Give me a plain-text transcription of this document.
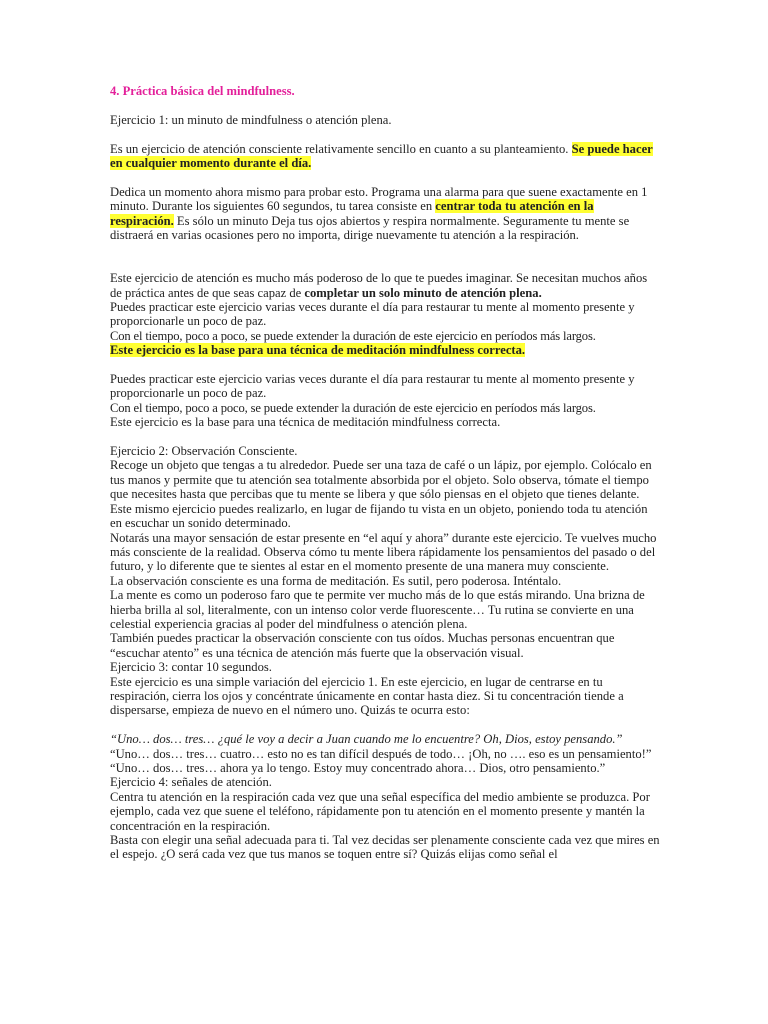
4. Práctica básica del mindfulness.

Ejercicio 1: un minuto de mindfulness o atención plena.

Es un ejercicio de atención consciente relativamente sencillo en cuanto a su planteamiento. Se puede hacer en cualquier momento durante el día.

Dedica un momento ahora mismo para probar esto. Programa una alarma para que suene exactamente en 1 minuto. Durante los siguientes 60 segundos, tu tarea consiste en centrar toda tu atención en la respiración. Es sólo un minuto Deja tus ojos abiertos y respira normalmente. Seguramente tu mente se distraerá en varias ocasiones pero no importa, dirige nuevamente tu atención a la respiración.

Este ejercicio de atención es mucho más poderoso de lo que te puedes imaginar. Se necesitan muchos años de práctica antes de que seas capaz de completar un solo minuto de atención plena.

Puedes practicar este ejercicio varias veces durante el día para restaurar tu mente al momento presente y proporcionarle un poco de paz.

Con el tiempo, poco a poco, se puede extender la duración de este ejercicio en períodos más largos.

Este ejercicio es la base para una técnica de meditación mindfulness correcta.

Puedes practicar este ejercicio varias veces durante el día para restaurar tu mente al momento presente y proporcionarle un poco de paz.

Con el tiempo, poco a poco, se puede extender la duración de este ejercicio en períodos más largos.

Este ejercicio es la base para una técnica de meditación mindfulness correcta.

Ejercicio 2: Observación Consciente.

Recoge un objeto que tengas a tu alrededor. Puede ser una taza de café o un lápiz, por ejemplo. Colócalo en tus manos y permite que tu atención sea totalmente absorbida por el objeto. Solo observa, tómate el tiempo que necesites hasta que percibas que tu mente se libera y que sólo piensas en el objeto que tienes delante. Este mismo ejercicio puedes realizarlo, en lugar de fijando tu vista en un objeto, poniendo toda tu atención en escuchar un sonido determinado.

Notarás una mayor sensación de estar presente en “el aquí y ahora” durante este ejercicio. Te vuelves mucho más consciente de la realidad. Observa cómo tu mente libera rápidamente los pensamientos del pasado o del futuro, y lo diferente que te sientes al estar en el momento presente de una manera muy consciente.

La observación consciente es una forma de meditación. Es sutil, pero poderosa. Inténtalo.

La mente es como un poderoso faro que te permite ver mucho más de lo que estás mirando. Una brizna de hierba brilla al sol, literalmente, con un intenso color verde fluorescente… Tu rutina se convierte en una celestial experiencia gracias al poder del mindfulness o atención plena.

También puedes practicar la observación consciente con tus oídos. Muchas personas encuentran que “escuchar atento” es una técnica de atención más fuerte que la observación visual.

Ejercicio 3: contar 10 segundos.

Este ejercicio es una simple variación del ejercicio 1. En este ejercicio, en lugar de centrarse en tu respiración, cierra los ojos y concéntrate únicamente en contar hasta diez. Si tu concentración tiende a dispersarse, empieza de nuevo en el número uno. Quizás te ocurra esto:

“Uno… dos… tres… ¿qué le voy a decir a Juan cuando me lo encuentre? Oh, Dios, estoy pensando.”

“Uno… dos… tres… cuatro… esto no es tan difícil después de todo… ¡Oh, no …. eso es un pensamiento!”

“Uno… dos… tres… ahora ya lo tengo. Estoy muy concentrado ahora… Dios, otro pensamiento.”

Ejercicio 4: señales de atención.

Centra tu atención en la respiración cada vez que una señal específica del medio ambiente se produzca. Por ejemplo, cada vez que suene el teléfono, rápidamente pon tu atención en el momento presente y mantén la concentración en la respiración.

Basta con elegir una señal adecuada para ti. Tal vez decidas ser plenamente consciente cada vez que mires en el espejo. ¿O será cada vez que tus manos se toquen entre sí? Quizás elijas como señal el
